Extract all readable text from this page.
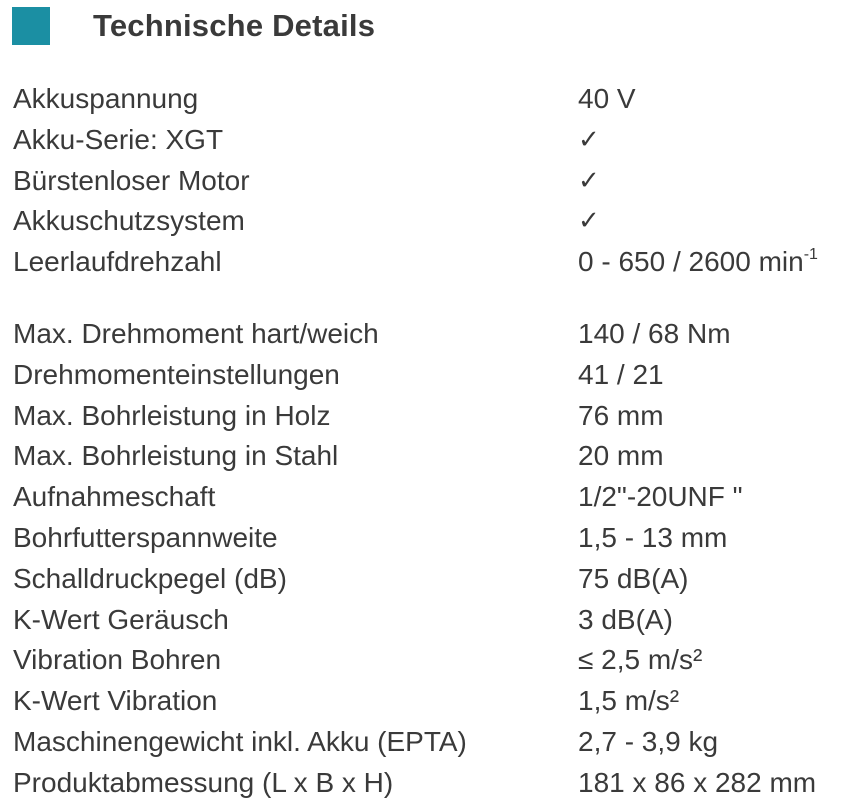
Technische Details
Akkuspannung	40 V
Akku-Serie: XGT	✓
Bürstenloser Motor	✓
Akkuschutzsystem	✓
Leerlaufdrehzahl	0 - 650 / 2600 $\min^{-1}$
Max. Drehmoment hart/weich	140 / 68 Nm
Drehmomenteinstellungen	41 / 21
Max. Bohrleistung in Holz	76 mm
Max. Bohrleistung in Stahl	20 mm
Aufnahmeschaft	1/2"-20UNF "
Bohrfutterspannweite	1,5 - 13 mm
Schalldruckpegel (dB)	75 dB(A)
K-Wert Geräusch	3 dB(A)
Vibration Bohren	≤ 2,5 m/s²
K-Wert Vibration	1,5 m/s²
Maschinengewicht inkl. Akku (EPTA)	2,7 - 3,9 kg
Produktabmessung (L x B x H)	181 x 86 x 282 mm
